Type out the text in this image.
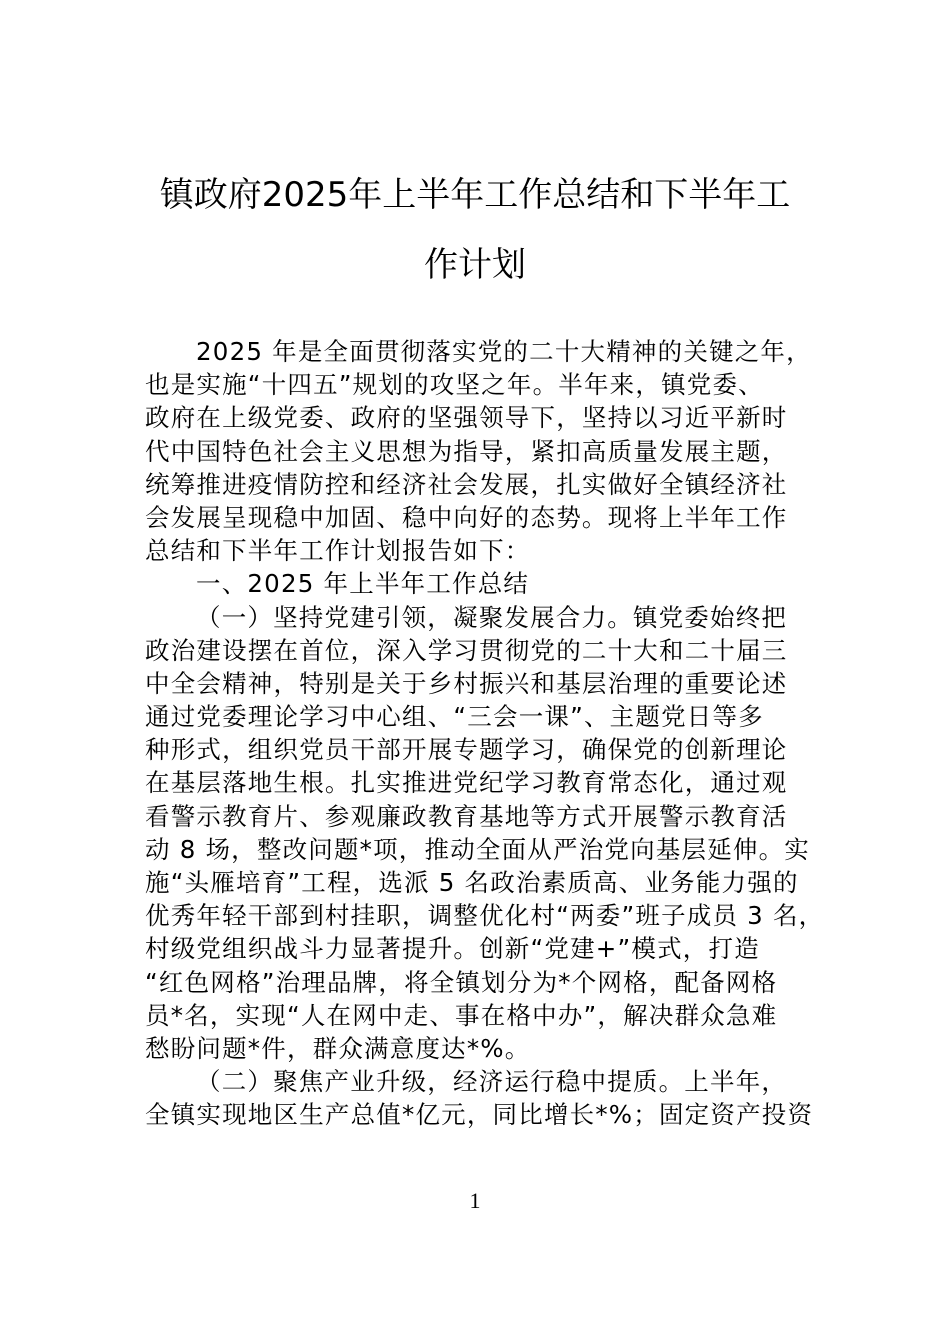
镇政府2025年上半年工作总结和下半年工
作计划
2025 年是全面贯彻落实党的二十大精神的关键之年，
也是实施“十四五”规划的攻坚之年。半年来，镇党委、
政府在上级党委、政府的坚强领导下，坚持以习近平新时
代中国特色社会主义思想为指导，紧扣高质量发展主题，
统筹推进疫情防控和经济社会发展，扎实做好全镇经济社
会发展呈现稳中加固、稳中向好的态势。现将上半年工作
总结和下半年工作计划报告如下：
一、2025 年上半年工作总结
（一）坚持党建引领，凝聚发展合力。镇党委始终把
政治建设摆在首位，深入学习贯彻党的二十大和二十届三
中全会精神，特别是关于乡村振兴和基层治理的重要论述
通过党委理论学习中心组、“三会一课”、主题党日等多
种形式，组织党员干部开展专题学习，确保党的创新理论
在基层落地生根。扎实推进党纪学习教育常态化，通过观
看警示教育片、参观廉政教育基地等方式开展警示教育活
动 8 场，整改问题*项，推动全面从严治党向基层延伸。实
施“头雁培育”工程，选派 5 名政治素质高、业务能力强的
优秀年轻干部到村挂职，调整优化村“两委”班子成员 3 名，
村级党组织战斗力显著提升。创新“党建+”模式，打造
“红色网格”治理品牌，将全镇划分为*个网格，配备网格
员*名，实现“人在网中走、事在格中办”，解决群众急难
愁盼问题*件，群众满意度达*%。
（二）聚焦产业升级，经济运行稳中提质。上半年，
全镇实现地区生产总值*亿元，同比增长*%；固定资产投资
1
